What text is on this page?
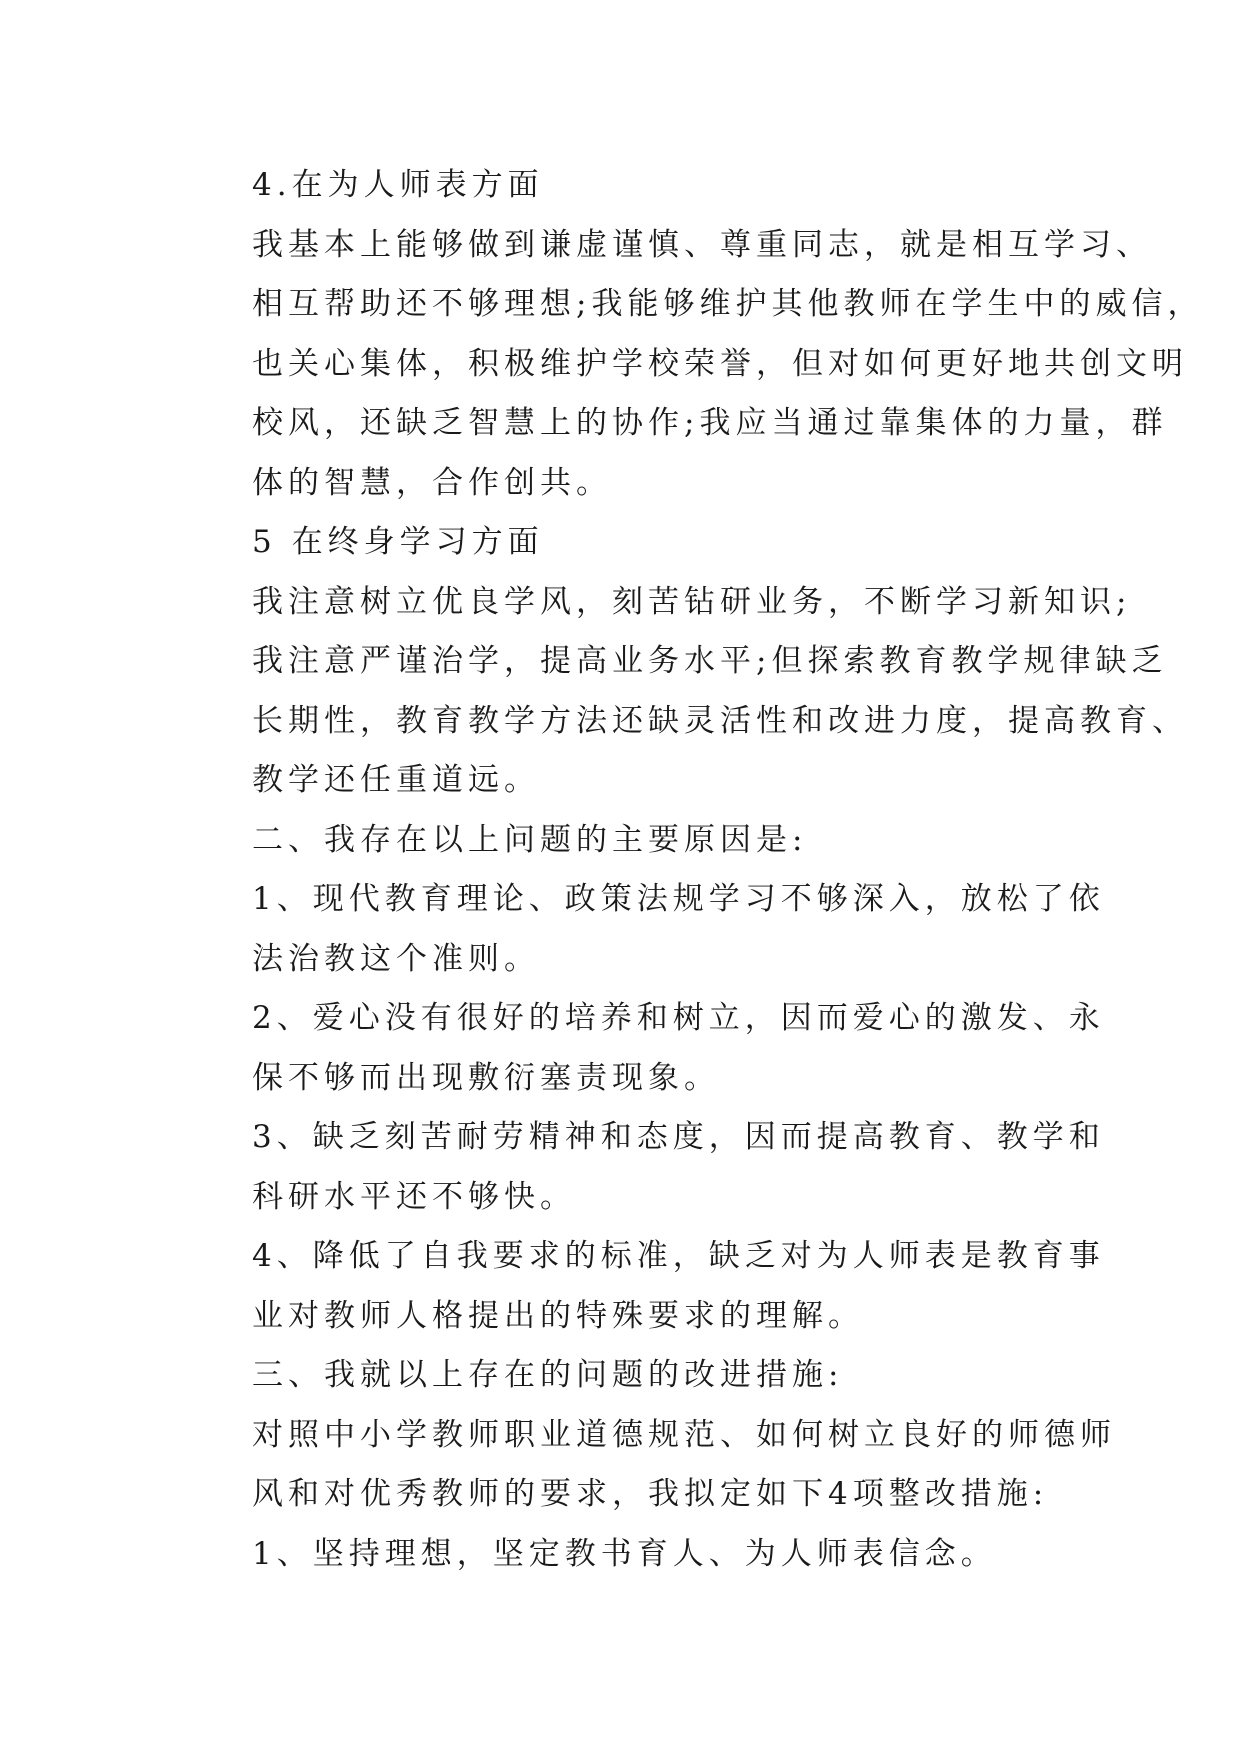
4.在为人师表方面
我基本上能够做到谦虚谨慎、尊重同志，就是相互学习、
相互帮助还不够理想;我能够维护其他教师在学生中的威信，
也关心集体，积极维护学校荣誉，但对如何更好地共创文明
校风，还缺乏智慧上的协作;我应当通过靠集体的力量，群
体的智慧，合作创共。
5 在终身学习方面
我注意树立优良学风，刻苦钻研业务，不断学习新知识;
我注意严谨治学，提高业务水平;但探索教育教学规律缺乏
长期性，教育教学方法还缺灵活性和改进力度，提高教育、
教学还任重道远。
二、我存在以上问题的主要原因是:
1、现代教育理论、政策法规学习不够深入，放松了依
法治教这个准则。
2、爱心没有很好的培养和树立，因而爱心的激发、永
保不够而出现敷衍塞责现象。
3、缺乏刻苦耐劳精神和态度，因而提高教育、教学和
科研水平还不够快。
4、降低了自我要求的标准，缺乏对为人师表是教育事
业对教师人格提出的特殊要求的理解。
三、我就以上存在的问题的改进措施:
对照中小学教师职业道德规范、如何树立良好的师德师
风和对优秀教师的要求，我拟定如下4项整改措施:
1、坚持理想，坚定教书育人、为人师表信念。
